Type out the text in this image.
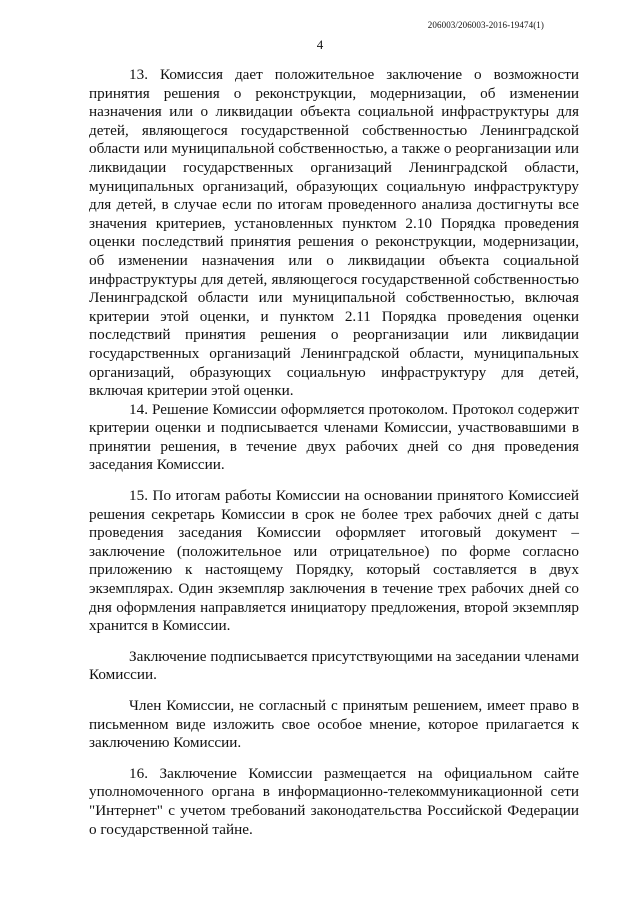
206003/206003-2016-19474(1)
4

13. Комиссия дает положительное заключение о возможности принятия решения о реконструкции, модернизации, об изменении назначения или о ликвидации объекта социальной инфраструктуры для детей, являющегося государственной собственностью Ленинградской области или муниципальной собственностью, а также о реорганизации или ликвидации государственных организаций Ленинградской области, муниципальных организаций, образующих социальную инфраструктуру для детей, в случае если по итогам проведенного анализа достигнуты все значения критериев, установленных пунктом 2.10 Порядка проведения оценки последствий принятия решения о реконструкции, модернизации, об изменении назначения или о ликвидации объекта социальной инфраструктуры для детей, являющегося государственной собственностью Ленинградской области или муниципальной собственностью, включая критерии этой оценки, и пунктом 2.11 Порядка проведения оценки последствий принятия решения о реорганизации или ликвидации государственных организаций Ленинградской области, муниципальных организаций, образующих социальную инфраструктуру для детей, включая критерии этой оценки.

14. Решение Комиссии оформляется протоколом. Протокол содержит критерии оценки и подписывается членами Комиссии, участвовавшими в принятии решения, в течение двух рабочих дней со дня проведения заседания Комиссии.

15. По итогам работы Комиссии на основании принятого Комиссией решения секретарь Комиссии в срок не более трех рабочих дней с даты проведения заседания Комиссии оформляет итоговый документ – заключение (положительное или отрицательное) по форме согласно приложению к настоящему Порядку, который составляется в двух экземплярах. Один экземпляр заключения в течение трех рабочих дней со дня оформления направляется инициатору предложения, второй экземпляр хранится в Комиссии.

Заключение подписывается присутствующими на заседании членами Комиссии.

Член Комиссии, не согласный с принятым решением, имеет право в письменном виде изложить свое особое мнение, которое прилагается к заключению Комиссии.

16. Заключение Комиссии размещается на официальном сайте уполномоченного органа в информационно-телекоммуникационной сети "Интернет" с учетом требований законодательства Российской Федерации о государственной тайне.
